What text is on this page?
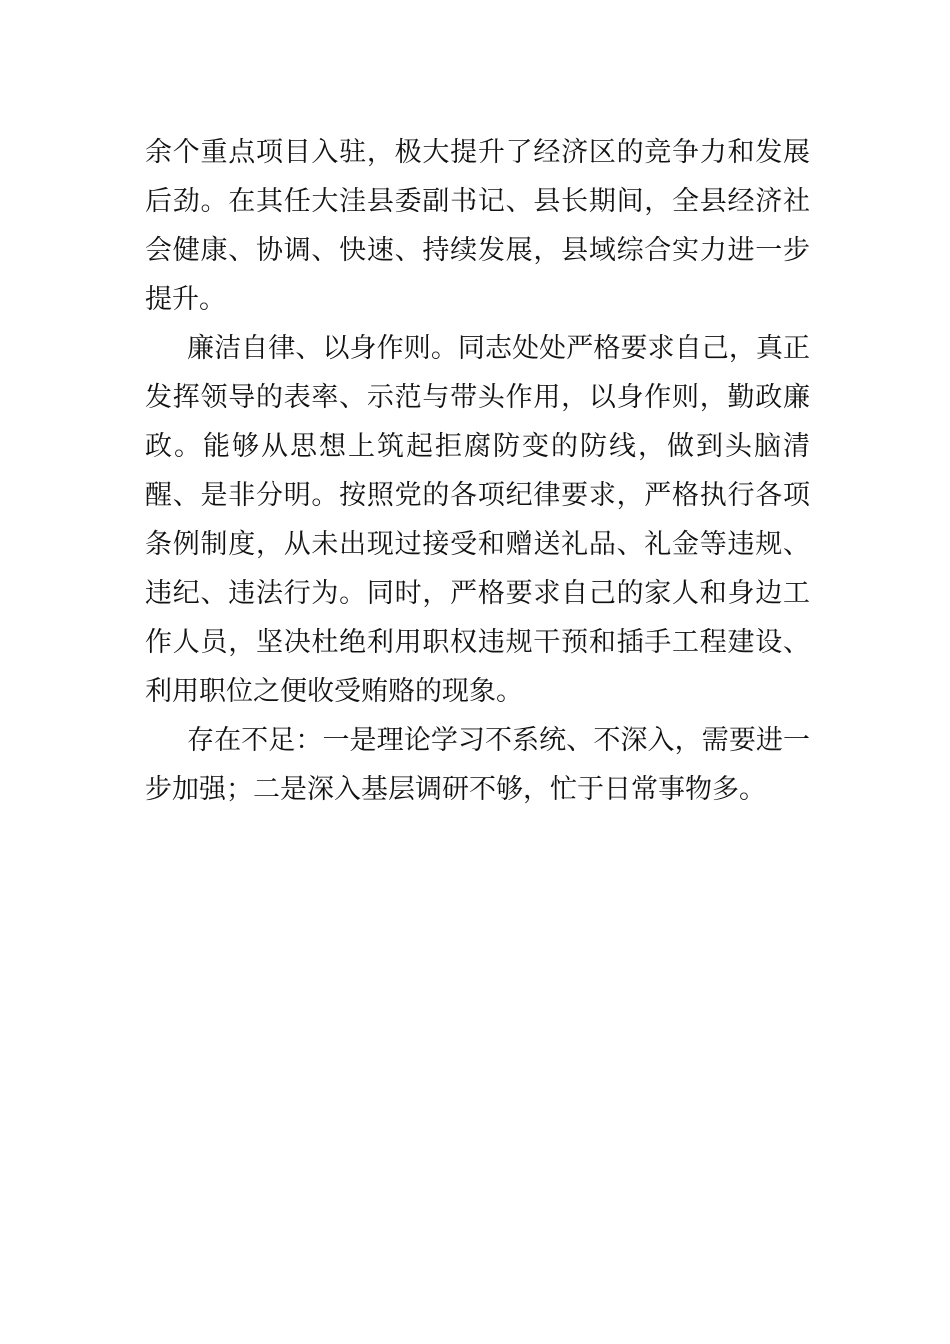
余个重点项目入驻，极大提升了经济区的竞争力和发展后劲。在其任大洼县委副书记、县长期间，全县经济社会健康、协调、快速、持续发展，县域综合实力进一步提升。

廉洁自律、以身作则。同志处处严格要求自己，真正发挥领导的表率、示范与带头作用，以身作则，勤政廉政。能够从思想上筑起拒腐防变的防线，做到头脑清醒、是非分明。按照党的各项纪律要求，严格执行各项条例制度，从未出现过接受和赠送礼品、礼金等违规、违纪、违法行为。同时，严格要求自己的家人和身边工作人员，坚决杜绝利用职权违规干预和插手工程建设、利用职位之便收受贿赂的现象。

存在不足：一是理论学习不系统、不深入，需要进一步加强；二是深入基层调研不够，忙于日常事物多。
